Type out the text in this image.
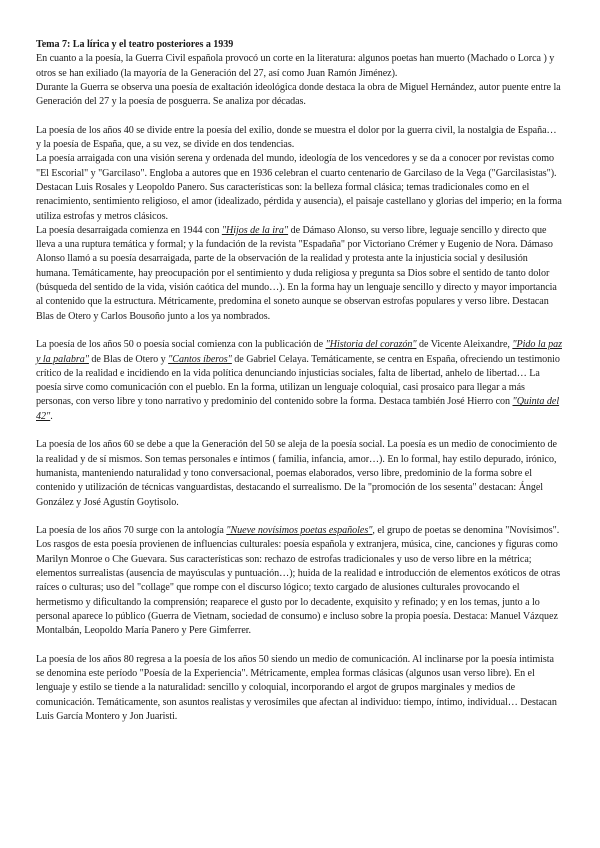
Tema 7: La lírica y el teatro posteriores a 1939

En cuanto a la poesía, la Guerra Civil española provocó un corte en la literatura: algunos poetas han muerto (Machado o Lorca ) y otros se han exiliado (la mayoría de la Generación del 27, así como Juan Ramón Jiménez).

Durante la Guerra se observa una poesía de exaltación ideológica donde destaca la obra de Miguel Hernández, autor puente entre la Generación del 27 y la poesía de posguerra. Se analiza por décadas.

La poesía de los años 40 se divide entre la poesía del exilio, donde se muestra el dolor por la guerra civil, la nostalgia de España… y la poesía de España, que, a su vez, se divide en dos tendencias.

La poesía arraigada con una visión serena y ordenada del mundo, ideología de los vencedores y se da a conocer por revistas como "El Escorial" y "Garcilaso". Engloba a autores que en 1936 celebran el cuarto centenario de Garcilaso de la Vega ("Garcilasistas"). Destacan Luis Rosales y Leopoldo Panero. Sus características son: la belleza formal clásica; temas tradicionales como en el renacimiento, sentimiento religioso, el amor (idealizado, pérdida y ausencia), el paisaje castellano y glorias del imperio; en la forma utiliza estrofas y metros clásicos.

La poesía desarraigada comienza en 1944 con "Hijos de la ira" de Dámaso Alonso, su verso libre, leguaje sencillo y directo que lleva a una ruptura temática y formal; y la fundación de la revista "Espadaña" por Victoriano Crémer y Eugenio de Nora. Dámaso Alonso llamó a su poesía desarraigada, parte de la observación de la realidad y protesta ante la injusticia social y desilusión humana. Temáticamente, hay preocupación por el sentimiento y duda religiosa y pregunta sa Dios sobre el sentido de tanto dolor (búsqueda del sentido de la vida, visión caótica del mundo…). En la forma hay un lenguaje sencillo y directo y mayor importancia al contenido que la estructura. Métricamente, predomina el soneto aunque se observan estrofas populares y verso libre. Destacan Blas de Otero y Carlos Bousoño junto a los ya nombrados.

La poesía de los años 50 o poesía social comienza con la publicación de "Historia del corazón" de Vicente Aleixandre, "Pido la paz y la palabra" de Blas de Otero y "Cantos íberos" de Gabriel Celaya. Temáticamente, se centra en España, ofreciendo un testimonio crítico de la realidad e incidiendo en la vida política denunciando injusticias sociales, falta de libertad, anhelo de libertad… La poesía sirve como comunicación con el pueblo. En la forma, utilizan un lenguaje coloquial, casi prosaico para llegar a más personas, con verso libre y tono narrativo y predominio del contenido sobre la forma. Destaca también José Hierro con "Quinta del 42".

La poesía de los años 60 se debe a que la Generación del 50 se aleja de la poesía social. La poesía es un medio de conocimiento de la realidad y de sí mismos. Son temas personales e íntimos ( familia, infancia, amor…). En lo formal, hay estilo depurado, irónico, humanista, manteniendo naturalidad y tono conversacional, poemas elaborados, verso libre, predominio de la forma sobre el contenido y utilización de técnicas vanguardistas, destacando el surrealismo. De la "promoción de los sesenta" destacan: Ángel González y José Agustín Goytisolo.

La poesía de los años 70 surge con la antología "Nueve novísimos poetas españoles", el grupo de poetas se denomina "Novísimos". Los rasgos de esta poesía provienen de influencias culturales: poesía española y extranjera, música, cine, canciones y figuras como Marilyn Monroe o Che Guevara. Sus características son: rechazo de estrofas tradicionales y uso de verso libre en la métrica; elementos surrealistas (ausencia de mayúsculas y puntuación…); huida de la realidad e introducción de elementos exóticos de otras raíces o culturas; uso del "collage" que rompe con el discurso lógico; texto cargado de alusiones culturales provocando el hermetismo y dificultando la comprensión; reaparece el gusto por lo decadente, exquisito y refinado; y en los temas, junto a lo personal aparece lo público (Guerra de Vietnam, sociedad de consumo) e incluso sobre la propia poesía. Destaca: Manuel Vázquez Montalbán, Leopoldo María Panero y Pere Gimferrer.

La poesía de los años 80 regresa a la poesía de los años 50 siendo un medio de comunicación. Al inclinarse por la poesía intimista se denomina este período "Poesía de la Experiencia". Métricamente, emplea formas clásicas (algunos usan verso libre). En el lenguaje y estilo se tiende a la naturalidad: sencillo y coloquial, incorporando el argot de grupos marginales y medios de comunicación. Temáticamente, son asuntos realistas y verosímiles que afectan al individuo: tiempo, íntimo, individual… Destacan Luis García Montero y Jon Juaristi.
